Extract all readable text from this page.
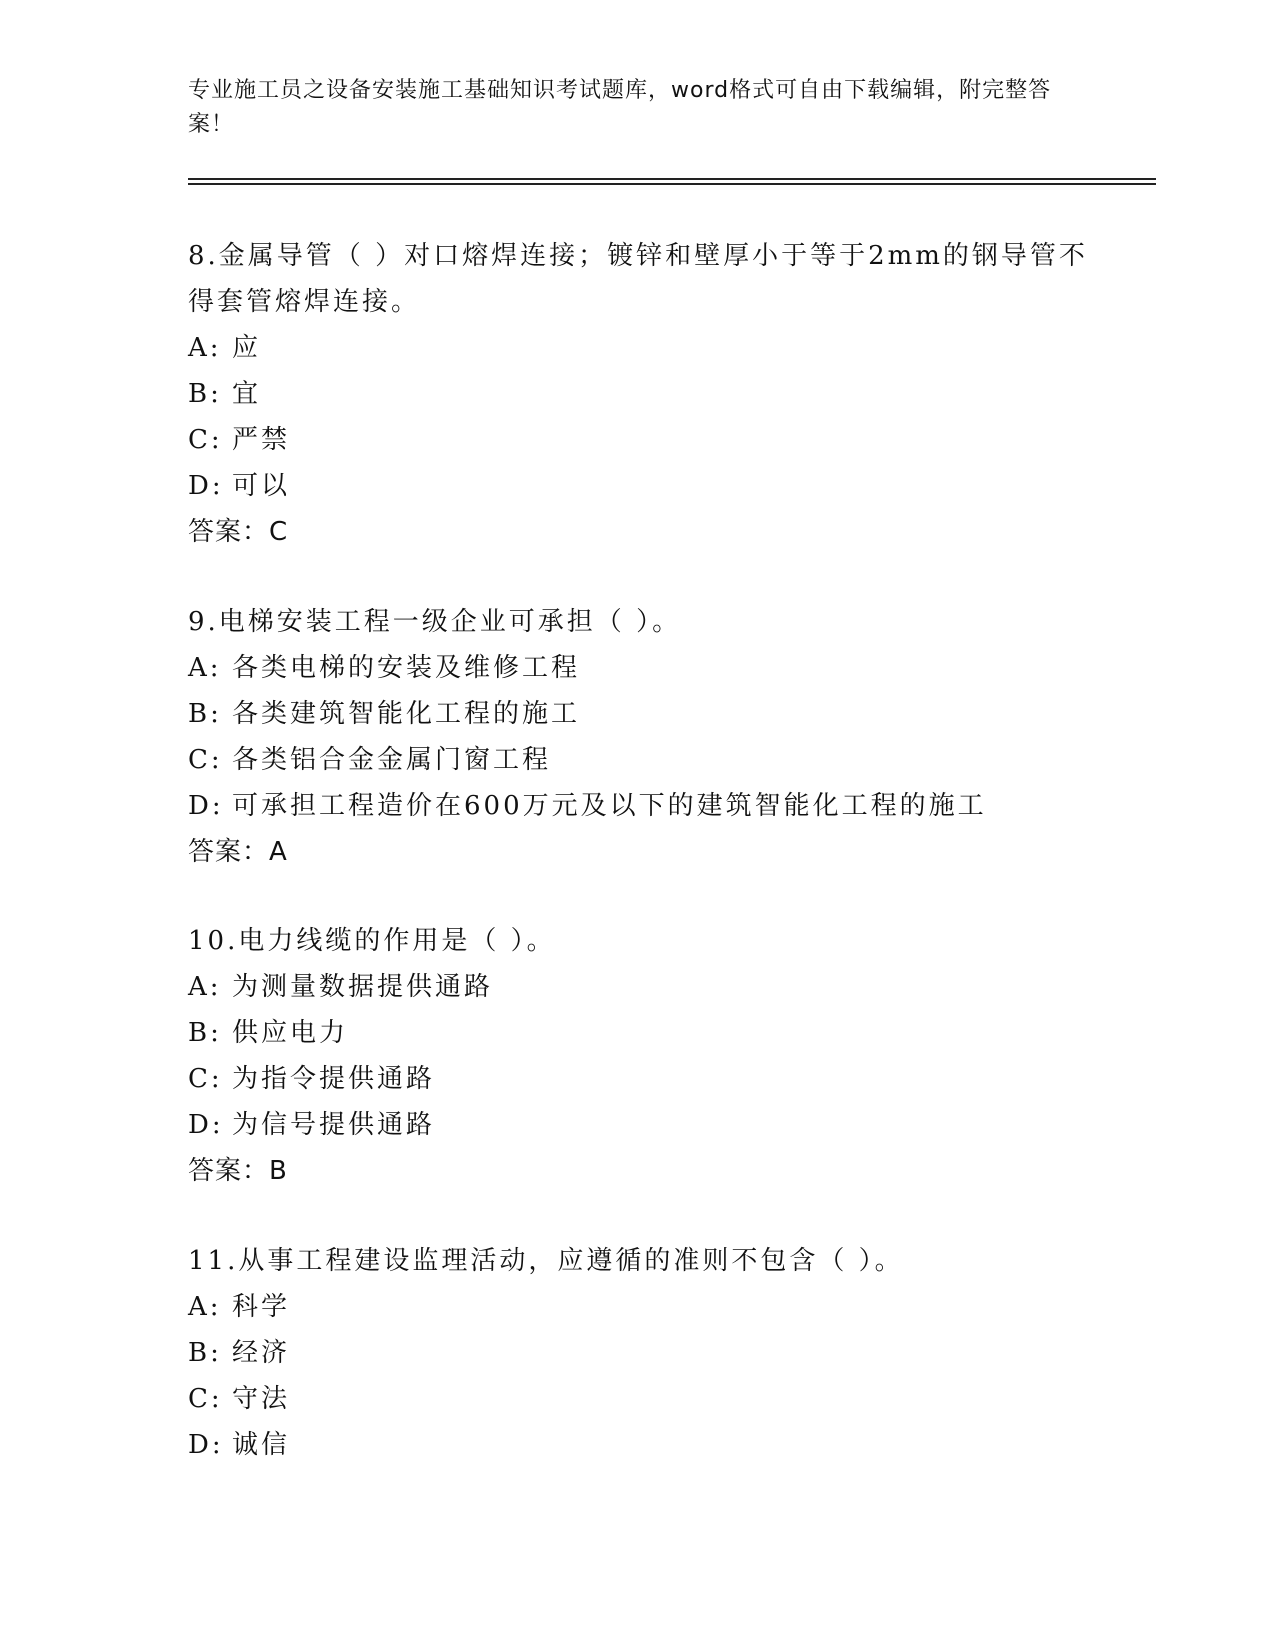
专业施工员之设备安装施工基础知识考试题库，word格式可自由下载编辑，附完整答案！

8.金属导管（ ）对口熔焊连接；镀锌和壁厚小于等于2mm的钢导管不得套管熔焊连接。

A: 应
B: 宜
C: 严禁
D: 可以
答案：C

9.电梯安装工程一级企业可承担（ ）。

A: 各类电梯的安装及维修工程
B: 各类建筑智能化工程的施工
C: 各类铝合金金属门窗工程
D: 可承担工程造价在600万元及以下的建筑智能化工程的施工
答案：A

10.电力线缆的作用是（ ）。

A: 为测量数据提供通路
B: 供应电力
C: 为指令提供通路
D: 为信号提供通路
答案：B

11.从事工程建设监理活动，应遵循的准则不包含（ ）。

A: 科学
B: 经济
C: 守法
D: 诚信
